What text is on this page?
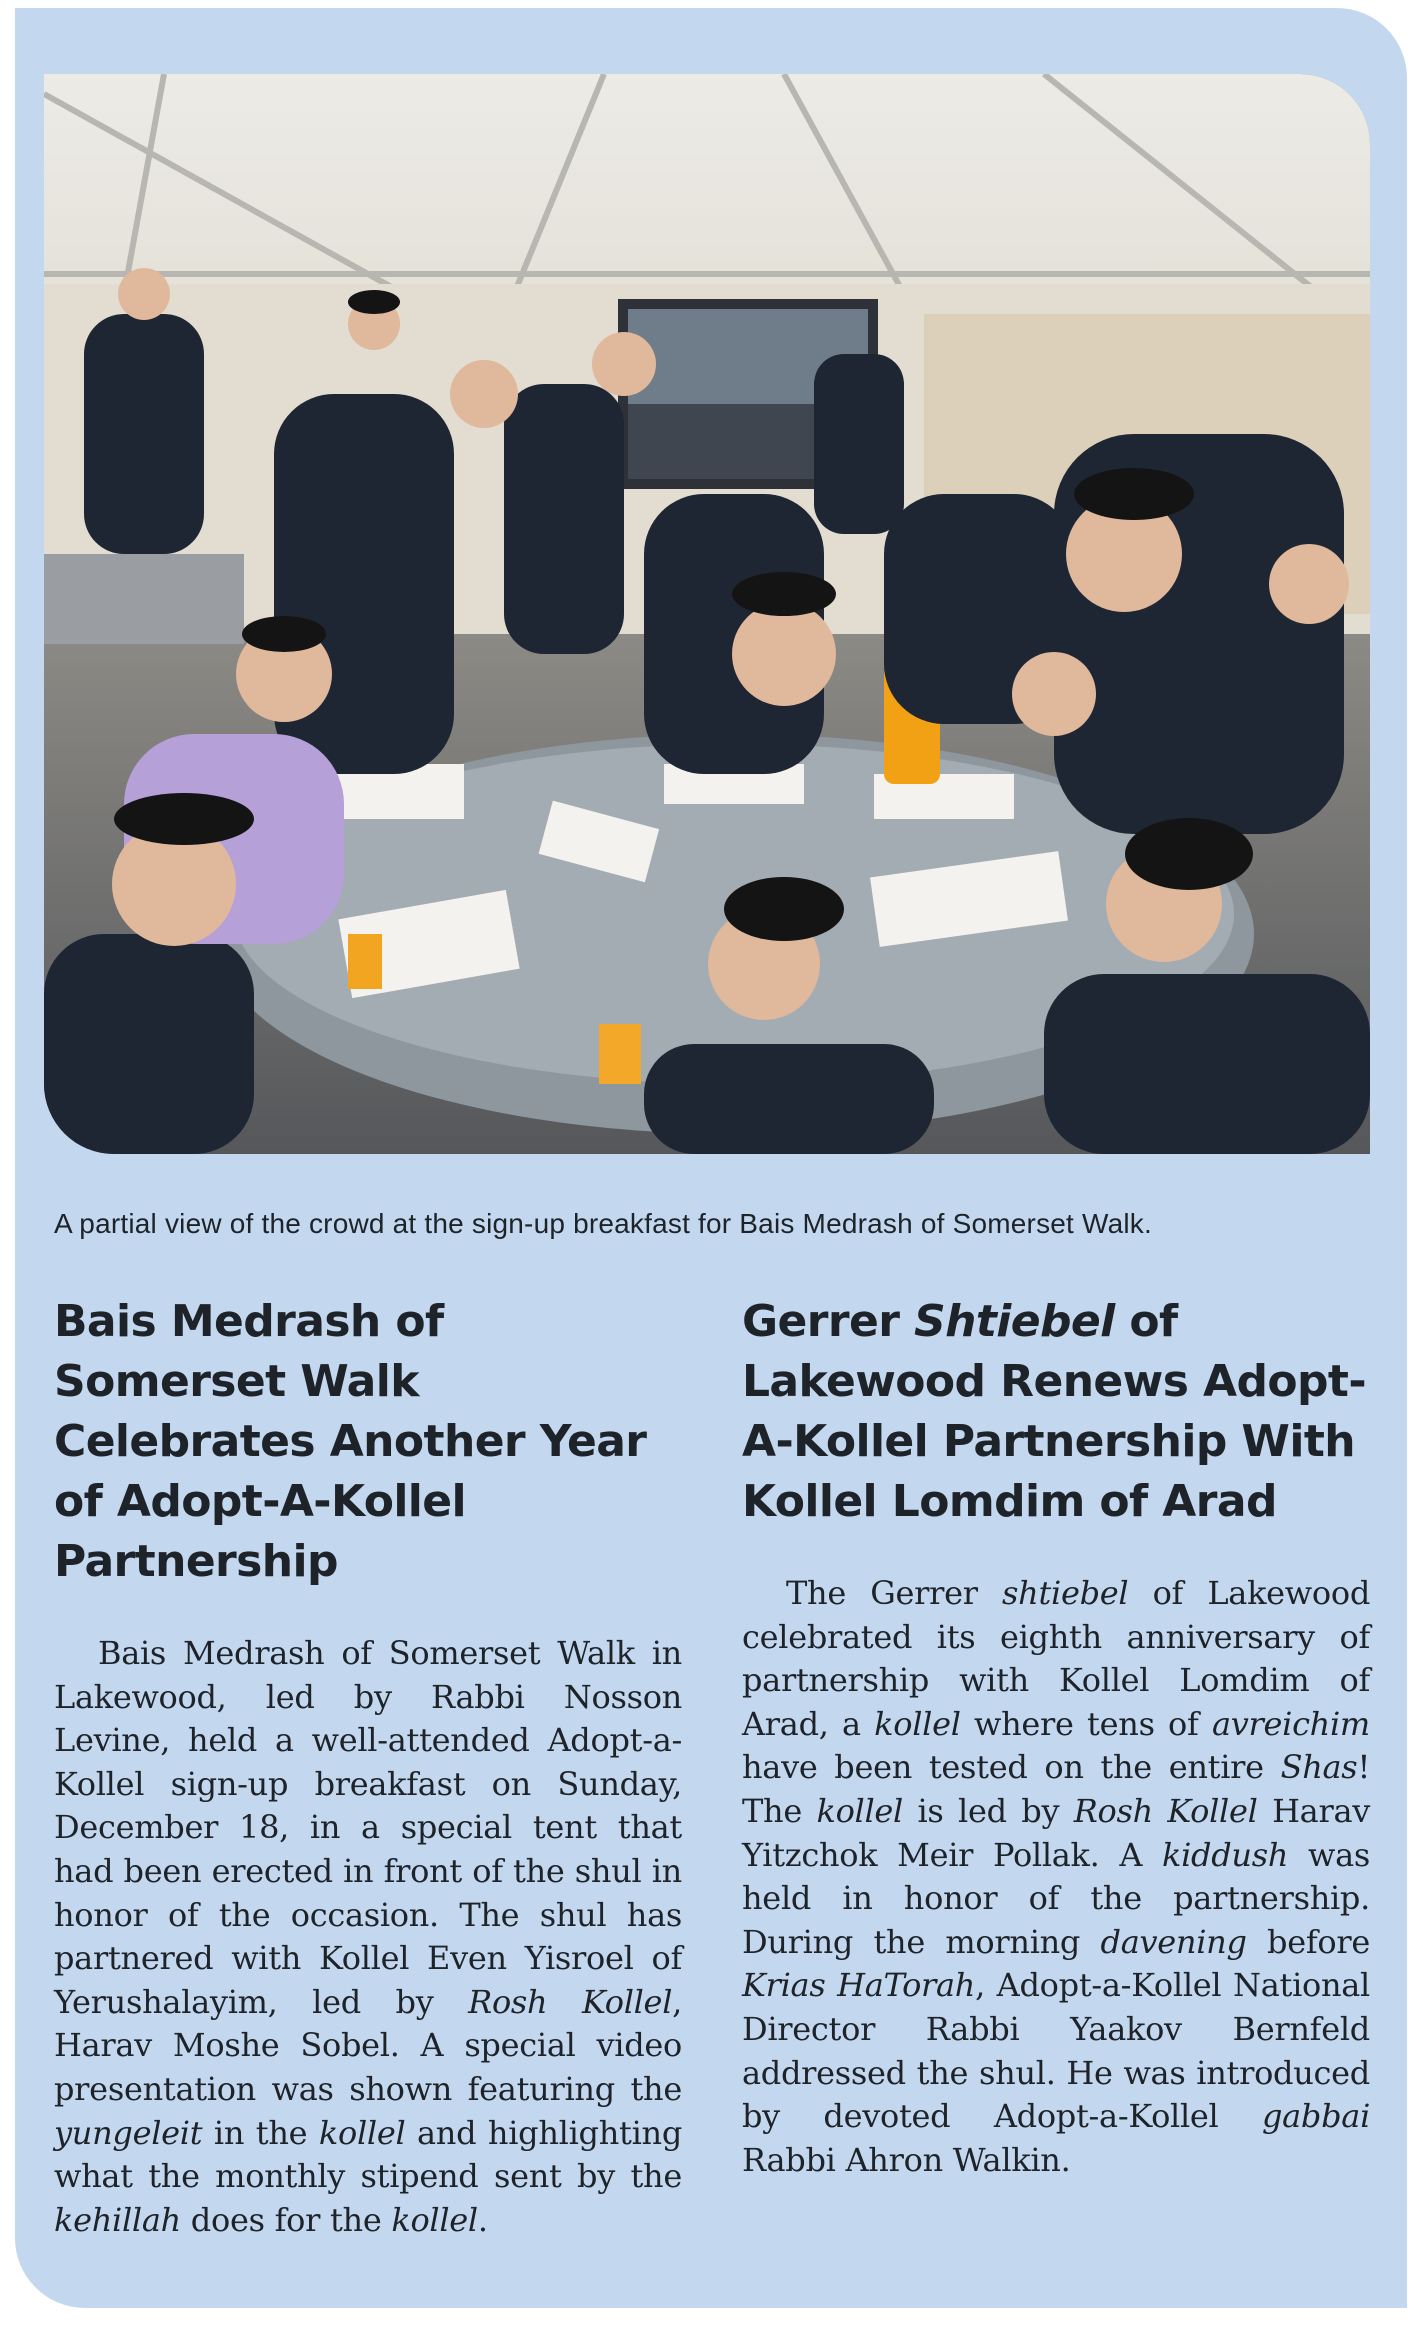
A partial view of the crowd at the sign-up breakfast for Bais Medrash of Somerset Walk.
Bais Medrash of Somerset Walk Celebrates Another Year of Adopt-A-Kollel Partnership

Bais Medrash of Somerset Walk in Lakewood, led by Rabbi Nosson Levine, held a well-attended Adopt-a-Kollel sign-up breakfast on Sunday, December 18, in a special tent that had been erected in front of the shul in honor of the occasion. The shul has partnered with Kollel Even Yisroel of Yerushalayim, led by Rosh Kollel, Harav Moshe Sobel. A special video presentation was shown featuring the yungeleit in the kollel and highlighting what the monthly stipend sent by the kehillah does for the kollel.

Gerrer Shtiebel of Lakewood Renews Adopt-A-Kollel Partnership With Kollel Lomdim of Arad

The Gerrer shtiebel of Lakewood celebrated its eighth anniversary of partnership with Kollel Lomdim of Arad, a kollel where tens of avreichim have been tested on the entire Shas! The kollel is led by Rosh Kollel Harav Yitzchok Meir Pollak. A kiddush was held in honor of the partnership. During the morning davening before Krias HaTorah, Adopt-a-Kollel National Director Rabbi Yaakov Bernfeld addressed the shul. He was introduced by devoted Adopt-a-Kollel gabbai Rabbi Ahron Walkin.
